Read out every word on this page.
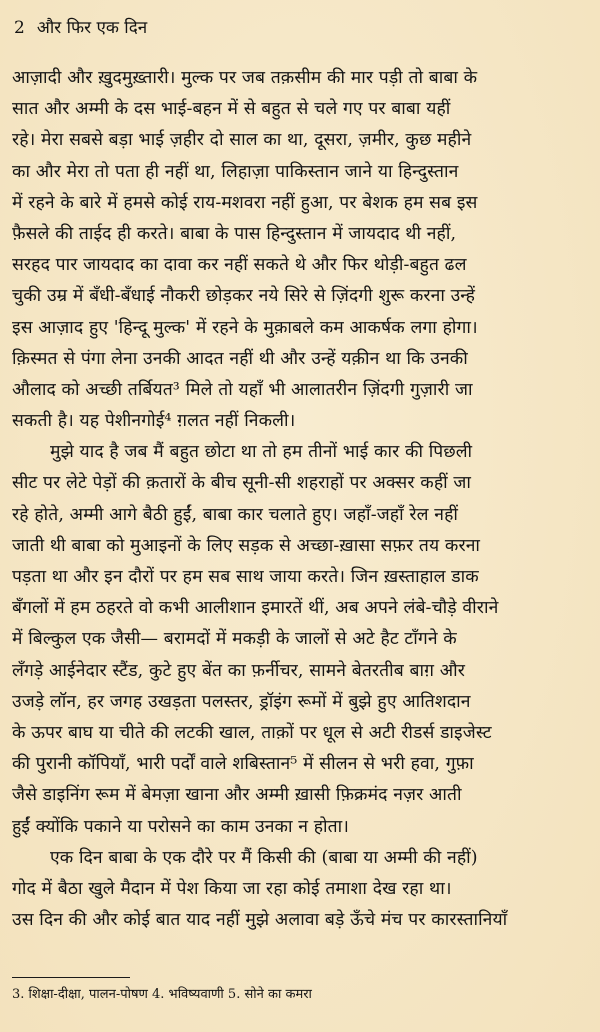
2 और फिर एक दिन
आज़ादी और ख़ुदमुख़्तारी। मुल्क पर जब तक़सीम की मार पड़ी तो बाबा के
सात और अम्मी के दस भाई-बहन में से बहुत से चले गए पर बाबा यहीं
रहे। मेरा सबसे बड़ा भाई ज़हीर दो साल का था, दूसरा, ज़मीर, कुछ महीने
का और मेरा तो पता ही नहीं था, लिहाज़ा पाकिस्तान जाने या हिन्दुस्तान
में रहने के बारे में हमसे कोई राय-मशवरा नहीं हुआ, पर बेशक हम सब इस
फ़ैसले की ताईद ही करते। बाबा के पास हिन्दुस्तान में जायदाद थी नहीं,
सरहद पार जायदाद का दावा कर नहीं सकते थे और फिर थोड़ी-बहुत ढल
चुकी उम्र में बँधी-बँधाई नौकरी छोड़कर नये सिरे से ज़िंदगी शुरू करना उन्हें
इस आज़ाद हुए 'हिन्दू मुल्क' में रहने के मुक़ाबले कम आकर्षक लगा होगा।
क़िस्मत से पंगा लेना उनकी आदत नहीं थी और उन्हें यक़ीन था कि उनकी
औलाद को अच्छी तर्बियत³ मिले तो यहाँ भी आलातरीन ज़िंदगी गुज़ारी जा
सकती है। यह पेशीनगोई⁴ ग़लत नहीं निकली।
मुझे याद है जब मैं बहुत छोटा था तो हम तीनों भाई कार की पिछली
सीट पर लेटे पेड़ों की क़तारों के बीच सूनी-सी शहराहों पर अक्सर कहीं जा
रहे होते, अम्मी आगे बैठी हुईं, बाबा कार चलाते हुए। जहाँ-जहाँ रेल नहीं
जाती थी बाबा को मुआइनों के लिए सड़क से अच्छा-ख़ासा सफ़र तय करना
पड़ता था और इन दौरों पर हम सब साथ जाया करते। जिन ख़स्ताहाल डाक
बँगलों में हम ठहरते वो कभी आलीशान इमारतें थीं, अब अपने लंबे-चौड़े वीराने
में बिल्कुल एक जैसी— बरामदों में मकड़ी के जालों से अटे हैट टाँगने के
लँगड़े आईनेदार स्टैंड, कुटे हुए बेंत का फ़र्नीचर, सामने बेतरतीब बाग़ और
उजड़े लॉन, हर जगह उखड़ता पलस्तर, ड्रॉइंग रूमों में बुझे हुए आतिशदान
के ऊपर बाघ या चीते की लटकी खाल, ताक़ों पर धूल से अटी रीडर्स डाइजेस्ट
की पुरानी कॉपियाँ, भारी पर्दों वाले शबिस्तान⁵ में सीलन से भरी हवा, गुफ़ा
जैसे डाइनिंग रूम में बेमज़ा खाना और अम्मी ख़ासी फ़िक्रमंद नज़र आती
हुईं क्योंकि पकाने या परोसने का काम उनका न होता।
एक दिन बाबा के एक दौरे पर मैं किसी की (बाबा या अम्मी की नहीं)
गोद में बैठा खुले मैदान में पेश किया जा रहा कोई तमाशा देख रहा था।
उस दिन की और कोई बात याद नहीं मुझे अलावा बड़े ऊँचे मंच पर कारस्तानियाँ
3. शिक्षा-दीक्षा, पालन-पोषण 4. भविष्यवाणी 5. सोने का कमरा
